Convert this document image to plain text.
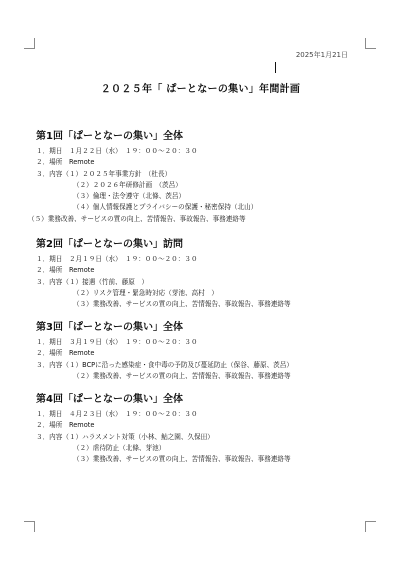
2025年1月21日
２０２５年「 ぱーとなーの集い」年間計画
第1回「ぱーとなーの集い」全体
１．期日　１月２２日（水）　１９：００〜２０：３０
２．場所　Remote
３．内容（１）２０２５年事業方針　（杜長）
（２）２０２６年研修計画　（茨呂）
（３）倫理・法令遵守（北條、茨呂）
（４）個人情報保護とプライバシーの保護・秘密保持（北山）
（５）業務改善、サービスの質の向上、苦情報告、事故報告、事務連絡等
第2回「ぱーとなーの集い」訪問
１．期日　２月１９日（水）　１９：００〜２０：３０
２．場所　Remote
３．内容（１）接遇（竹前、藤原　）
（２）リスク管理・緊急時対応（芽池、高村　）
（３）業務改善、サービスの質の向上、苦情報告、事故報告、事務連絡等
第3回「ぱーとなーの集い」全体
１．期日　３月１９日（水）　１９：００〜２０：３０
２．場所　Remote
３．内容（１）BCPに沿った感染症・食中毒の予防及び蔓延防止（保谷、藤原、茨呂）
（２）業務改善、サービスの質の向上、苦情報告、事故報告、事務連絡等
第4回「ぱーとなーの集い」全体
１．期日　４月２３日（水）　１９：００〜２０：３０
２．場所　Remote
３．内容（１）ハラスメント対策（小林、鮎之園、久保田）
（２）虐待防止（北條、芽池）
（３）業務改善、サービスの質の向上、苦情報告、事故報告、事務連絡等
